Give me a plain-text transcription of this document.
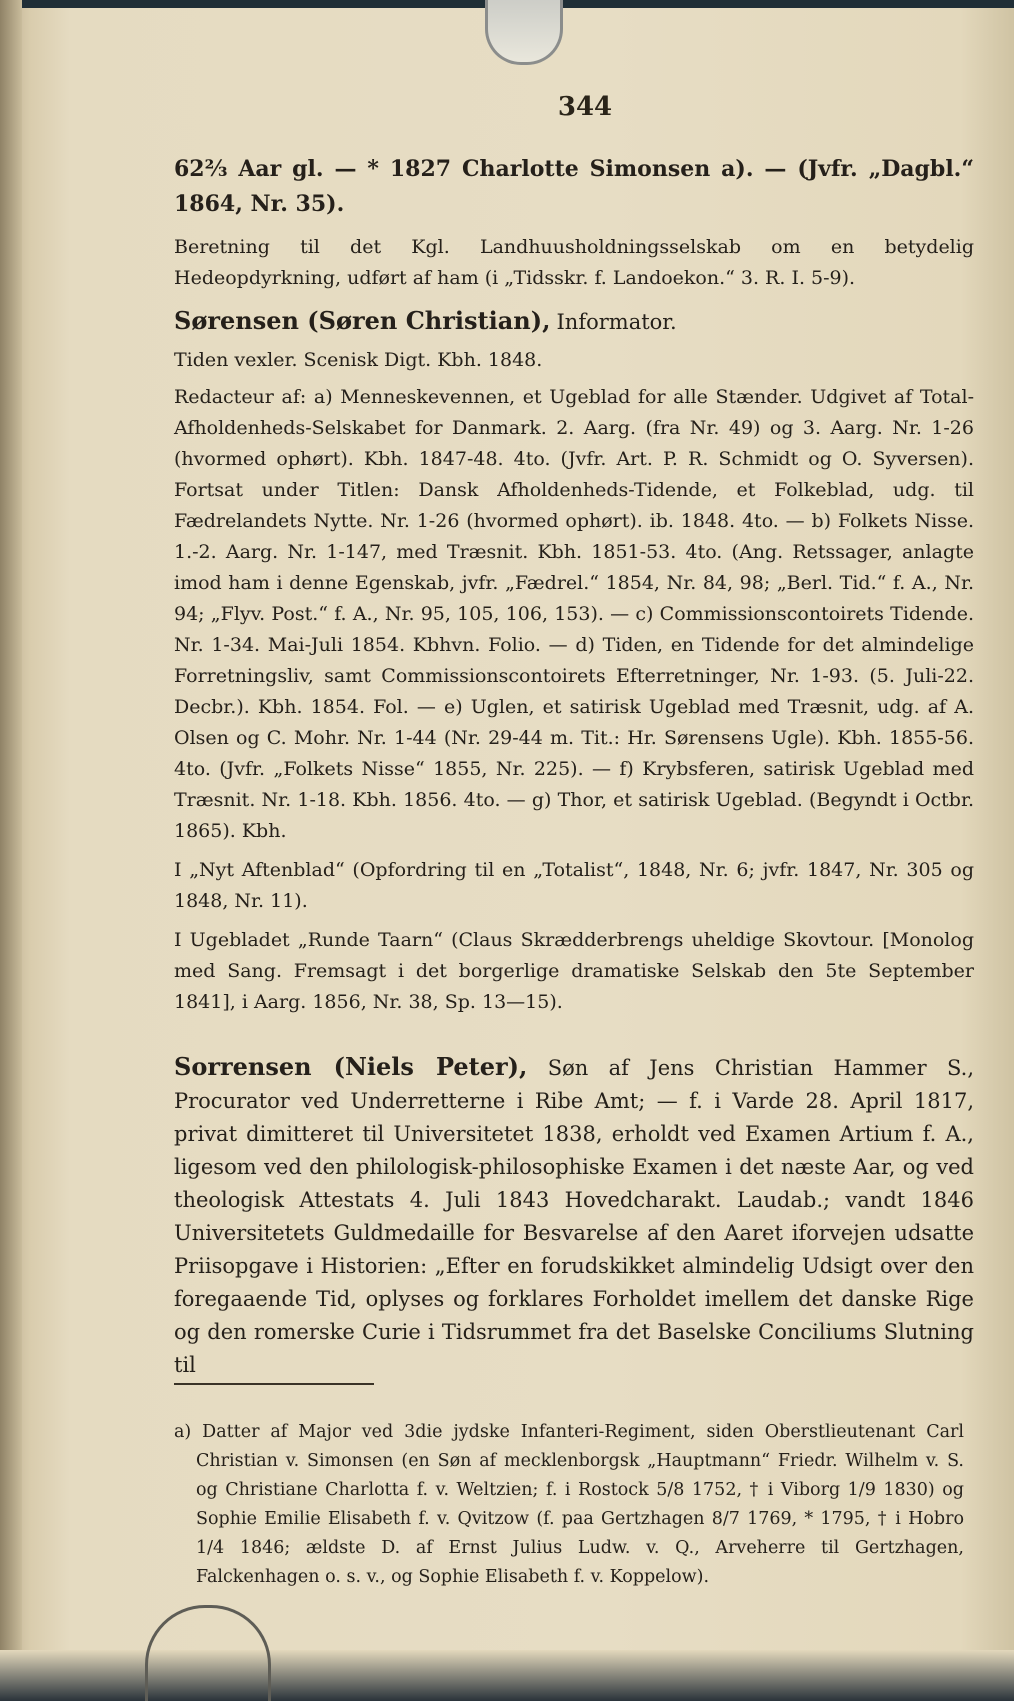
344

62⅔ Aar gl. — * 1827 Charlotte Simonsen a). — (Jvfr. „Dagbl.“ 1864, Nr. 35).

Beretning til det Kgl. Landhuusholdningsselskab om en betydelig Hedeopdyrkning, udført af ham (i „Tidsskr. f. Landoekon.“ 3. R. I. 5-9).

Sørensen (Søren Christian), Informator.

Tiden vexler. Scenisk Digt. Kbh. 1848.

Redacteur af: a) Menneskevennen, et Ugeblad for alle Stænder. Udgivet af Total-Afholdenheds-Selskabet for Danmark. 2. Aarg. (fra Nr. 49) og 3. Aarg. Nr. 1-26 (hvormed ophørt). Kbh. 1847-48. 4to. (Jvfr. Art. P. R. Schmidt og O. Syversen). Fortsat under Titlen: Dansk Afholdenheds-Tidende, et Folkeblad, udg. til Fædrelandets Nytte. Nr. 1-26 (hvormed ophørt). ib. 1848. 4to. — b) Folkets Nisse. 1.-2. Aarg. Nr. 1-147, med Træsnit. Kbh. 1851-53. 4to. (Ang. Retssager, anlagte imod ham i denne Egenskab, jvfr. „Fædrel.“ 1854, Nr. 84, 98; „Berl. Tid.“ f. A., Nr. 94; „Flyv. Post.“ f. A., Nr. 95, 105, 106, 153). — c) Commissionscontoirets Tidende. Nr. 1-34. Mai-Juli 1854. Kbhvn. Folio. — d) Tiden, en Tidende for det almindelige Forretningsliv, samt Commissionscontoirets Efterretninger, Nr. 1-93. (5. Juli-22. Decbr.). Kbh. 1854. Fol. — e) Uglen, et satirisk Ugeblad med Træsnit, udg. af A. Olsen og C. Mohr. Nr. 1-44 (Nr. 29-44 m. Tit.: Hr. Sørensens Ugle). Kbh. 1855-56. 4to. (Jvfr. „Folkets Nisse“ 1855, Nr. 225). — f) Krybsferen, satirisk Ugeblad med Træsnit. Nr. 1-18. Kbh. 1856. 4to. — g) Thor, et satirisk Ugeblad. (Begyndt i Octbr. 1865). Kbh.

I „Nyt Aftenblad“ (Opfordring til en „Totalist“, 1848, Nr. 6; jvfr. 1847, Nr. 305 og 1848, Nr. 11).

I Ugebladet „Runde Taarn“ (Claus Skrædderbrengs uheldige Skovtour. [Monolog med Sang. Fremsagt i det borgerlige dramatiske Selskab den 5te September 1841], i Aarg. 1856, Nr. 38, Sp. 13—15).

Sorrensen (Niels Peter), Søn af Jens Christian Hammer S., Procurator ved Underretterne i Ribe Amt; — f. i Varde 28. April 1817, privat dimitteret til Universitetet 1838, erholdt ved Examen Artium f. A., ligesom ved den philologisk-philosophiske Examen i det næste Aar, og ved theologisk Attestats 4. Juli 1843 Hovedcharakt. Laudab.; vandt 1846 Universitetets Guldmedaille for Besvarelse af den Aaret iforvejen udsatte Priisopgave i Historien: „Efter en forudskikket almindelig Udsigt over den foregaaende Tid, oplyses og forklares Forholdet imellem det danske Rige og den romerske Curie i Tidsrummet fra det Baselske Conciliums Slutning til

a) Datter af Major ved 3die jydske Infanteri-Regiment, siden Oberstlieutenant Carl Christian v. Simonsen (en Søn af mecklenborgsk „Hauptmann“ Friedr. Wilhelm v. S. og Christiane Charlotta f. v. Weltzien; f. i Rostock 5/8 1752, † i Viborg 1/9 1830) og Sophie Emilie Elisabeth f. v. Qvitzow (f. paa Gertzhagen 8/7 1769, * 1795, † i Hobro 1/4 1846; ældste D. af Ernst Julius Ludw. v. Q., Arveherre til Gertzhagen, Falckenhagen o. s. v., og Sophie Elisabeth f. v. Koppelow).
